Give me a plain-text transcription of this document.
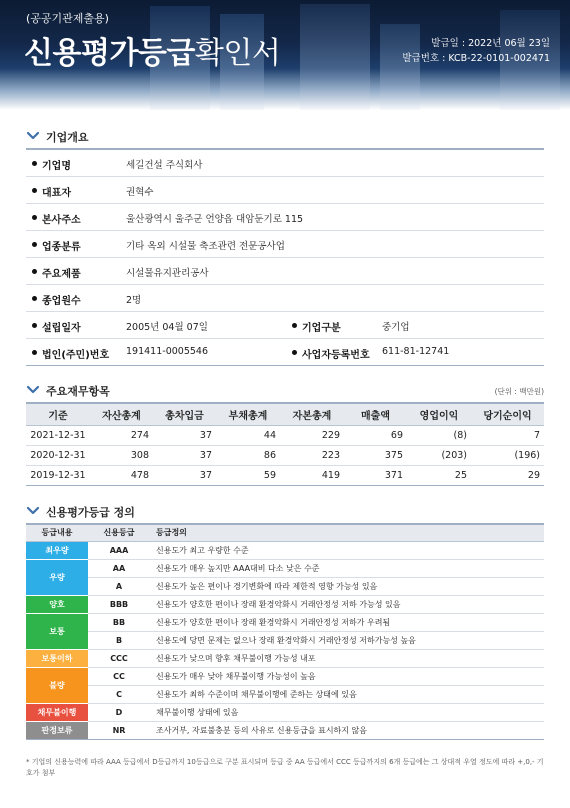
(공공기관제출용)
신용평가등급확인서	발급일 : 2022년 06월 23일
발급번호 : KCB-22-0101-002471
기업개요
기업명	세길건설 주식회사
대표자	권혁수
본사주소	울산광역시 울주군 언양읍 대암둔기로 115
업종분류	기타 옥외 시설물 축조관련 전문공사업
주요제품	시설물유지관리공사
종업원수	2명
설립일자	2005년 04월 07일	기업구분	중기업
법인(주민)번호 191411-0005546	사업자등록번호 611-81-12741
주요재무항목	(단위 : 백만원)
기준	자산총계	총차입금	부채총계	자본총계	매출액	영업이익	당기순이익
2021-12-31	274	37	44	229	69	(8)	7
2020-12-31	308	37	86	223	375	(203)	(196)
2019-12-31	478	37	59	419	371	25	29
신용평가등급 정의
등급내용	신용등급	등급정의
최우량	AAA	신용도가 최고 우량한 수준
우량	AA	신용도가 매우 높지만 AAA대비 다소 낮은 수준
	A	신용도가 높은 편이나 경기변화에 따라 제한적 영향 가능성 있음
양호	BBB	신용도가 양호한 편이나 장래 환경악화시 거래안정성 저하 가능성 있음
보통	BB	신용도가 양호한 편이나 장래 환경악화시 거래안정성 저하가 우려됨
	B	신용도에 당면 문제는 없으나 장래 환경악화시 거래안정성 저하가능성 높음
보통이하	CCC	신용도가 낮으며 향후 채무불이행 가능성 내포
불량	CC	신용도가 매우 낮아 채무불이행 가능성이 높음
	C	신용도가 최하 수준이며 채무불이행에 준하는 상태에 있음
채무불이행	D	채무불이행 상태에 있음
판정보류	NR	조사거부, 자료불충분 등의 사유로 신용등급을 표시하지 않음
* 기업의 신용능력에 따라 AAA 등급에서 D등급까지 10등급으로 구분 표시되며 등급 중 AA 등급에서 CCC 등급까지의 6개 등급에는 그 상대적 우열 정도에 따라 +,0,- 기호가 첨부
